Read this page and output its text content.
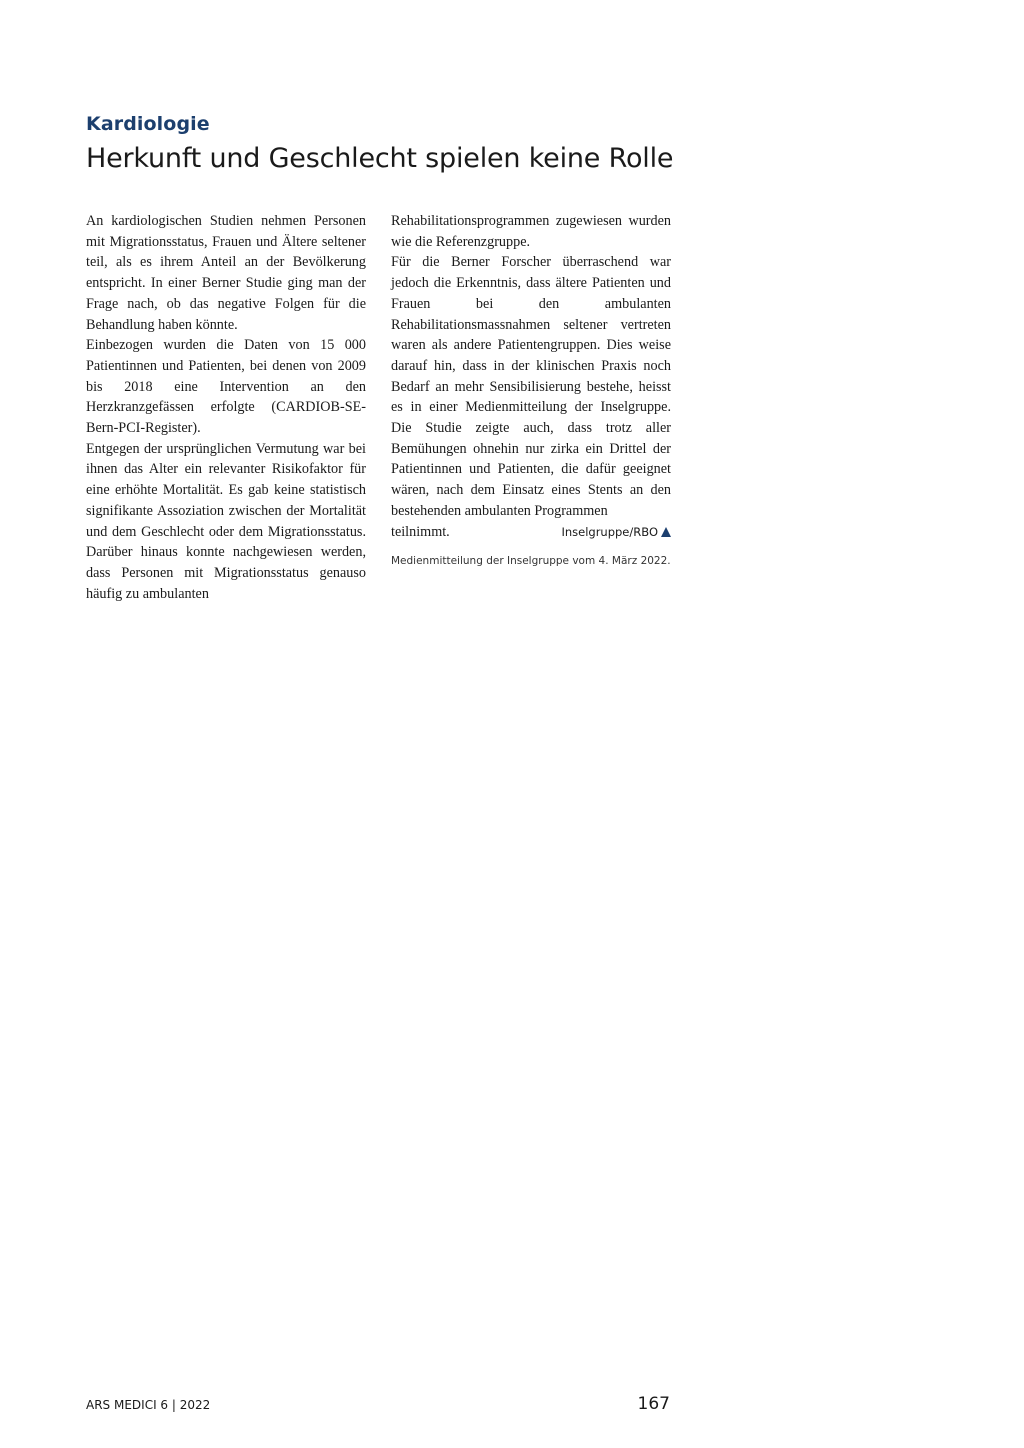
Kardiologie
Herkunft und Geschlecht spielen keine Rolle

An kardiologischen Studien nehmen Personen mit Migrationsstatus, Frauen und Ältere seltener teil, als es ihrem Anteil an der Bevölkerung entspricht. In einer Berner Studie ging man der Frage nach, ob das negative Folgen für die Behandlung haben könnte.

Einbezogen wurden die Daten von 15 000 Patientinnen und Patienten, bei denen von 2009 bis 2018 eine Intervention an den Herzkranzgefässen erfolgte (CARDIOB-SE-Bern-PCI-Register).

Entgegen der ursprünglichen Vermutung war bei ihnen das Alter ein relevanter Risikofaktor für eine erhöhte Mortalität. Es gab keine statistisch signifikante Assoziation zwischen der Mortalität und dem Geschlecht oder dem Migrationsstatus. Darüber hinaus konnte nachgewiesen werden, dass Personen mit Migrationsstatus genauso häufig zu ambulanten

Rehabilitationsprogrammen zugewiesen wurden wie die Referenzgruppe.

Für die Berner Forscher überraschend war jedoch die Erkenntnis, dass ältere Patienten und Frauen bei den ambulanten Rehabilitationsmassnahmen seltener vertreten waren als andere Patientengruppen. Dies weise darauf hin, dass in der klinischen Praxis noch Bedarf an mehr Sensibilisierung bestehe, heisst es in einer Medienmitteilung der Inselgruppe. Die Studie zeigte auch, dass trotz aller Bemühungen ohnehin nur zirka ein Drittel der Patientinnen und Patienten, die dafür geeignet wären, nach dem Einsatz eines Stents an den bestehenden ambulanten Programmen

teilnimmt.	Inselgruppe/RBO

Medienmitteilung der Inselgruppe vom 4. März 2022.

ARS MEDICI 6 | 2022	167
